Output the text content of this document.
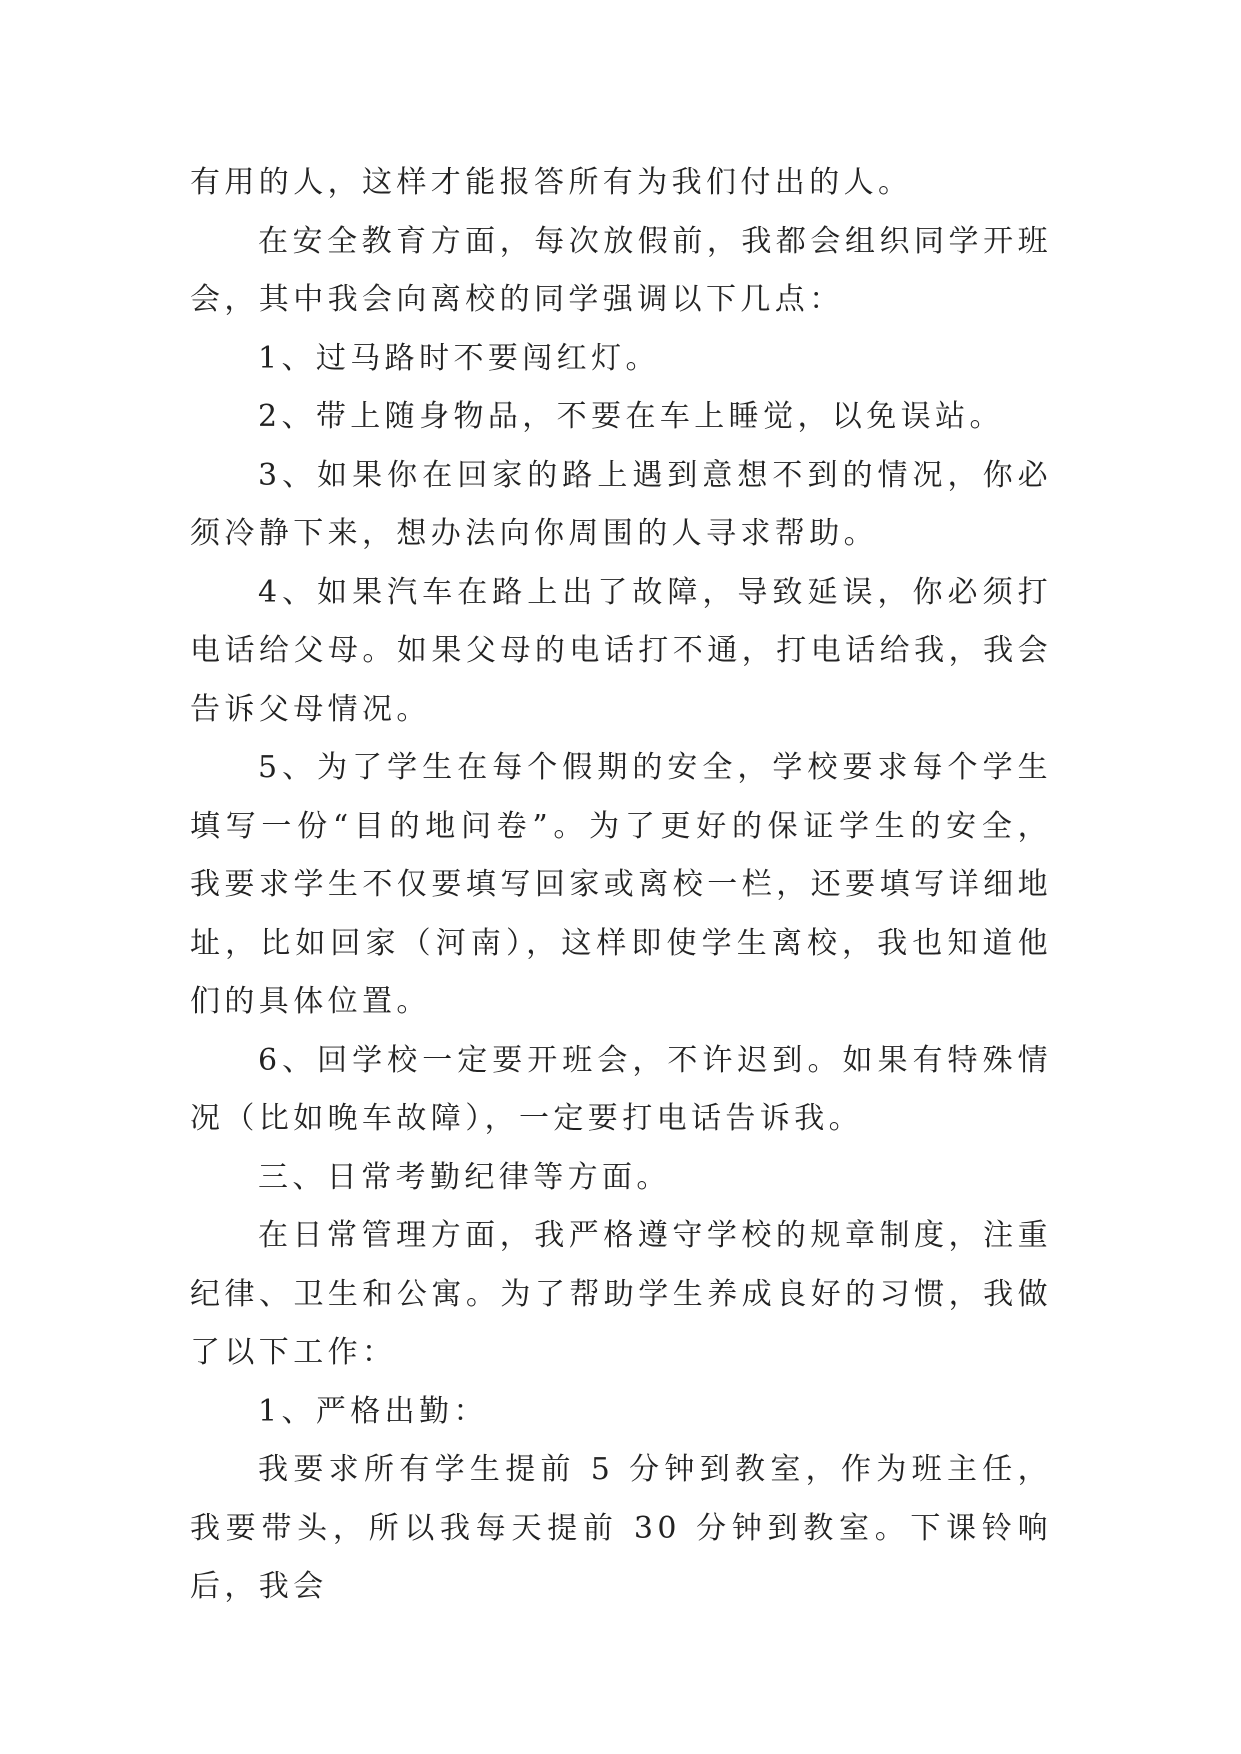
有用的人，这样才能报答所有为我们付出的人。

在安全教育方面，每次放假前，我都会组织同学开班会，其中我会向离校的同学强调以下几点：

1、过马路时不要闯红灯。

2、带上随身物品，不要在车上睡觉，以免误站。

3、如果你在回家的路上遇到意想不到的情况，你必须冷静下来，想办法向你周围的人寻求帮助。

4、如果汽车在路上出了故障，导致延误，你必须打电话给父母。如果父母的电话打不通，打电话给我，我会告诉父母情况。

5、为了学生在每个假期的安全，学校要求每个学生填写一份“目的地问卷”。为了更好的保证学生的安全，我要求学生不仅要填写回家或离校一栏，还要填写详细地址，比如回家（河南），这样即使学生离校，我也知道他们的具体位置。

6、回学校一定要开班会，不许迟到。如果有特殊情况（比如晚车故障），一定要打电话告诉我。

三、日常考勤纪律等方面。

在日常管理方面，我严格遵守学校的规章制度，注重纪律、卫生和公寓。为了帮助学生养成良好的习惯，我做了以下工作：

1、严格出勤：

我要求所有学生提前 5 分钟到教室，作为班主任，我要带头，所以我每天提前 30 分钟到教室。下课铃响后，我会
